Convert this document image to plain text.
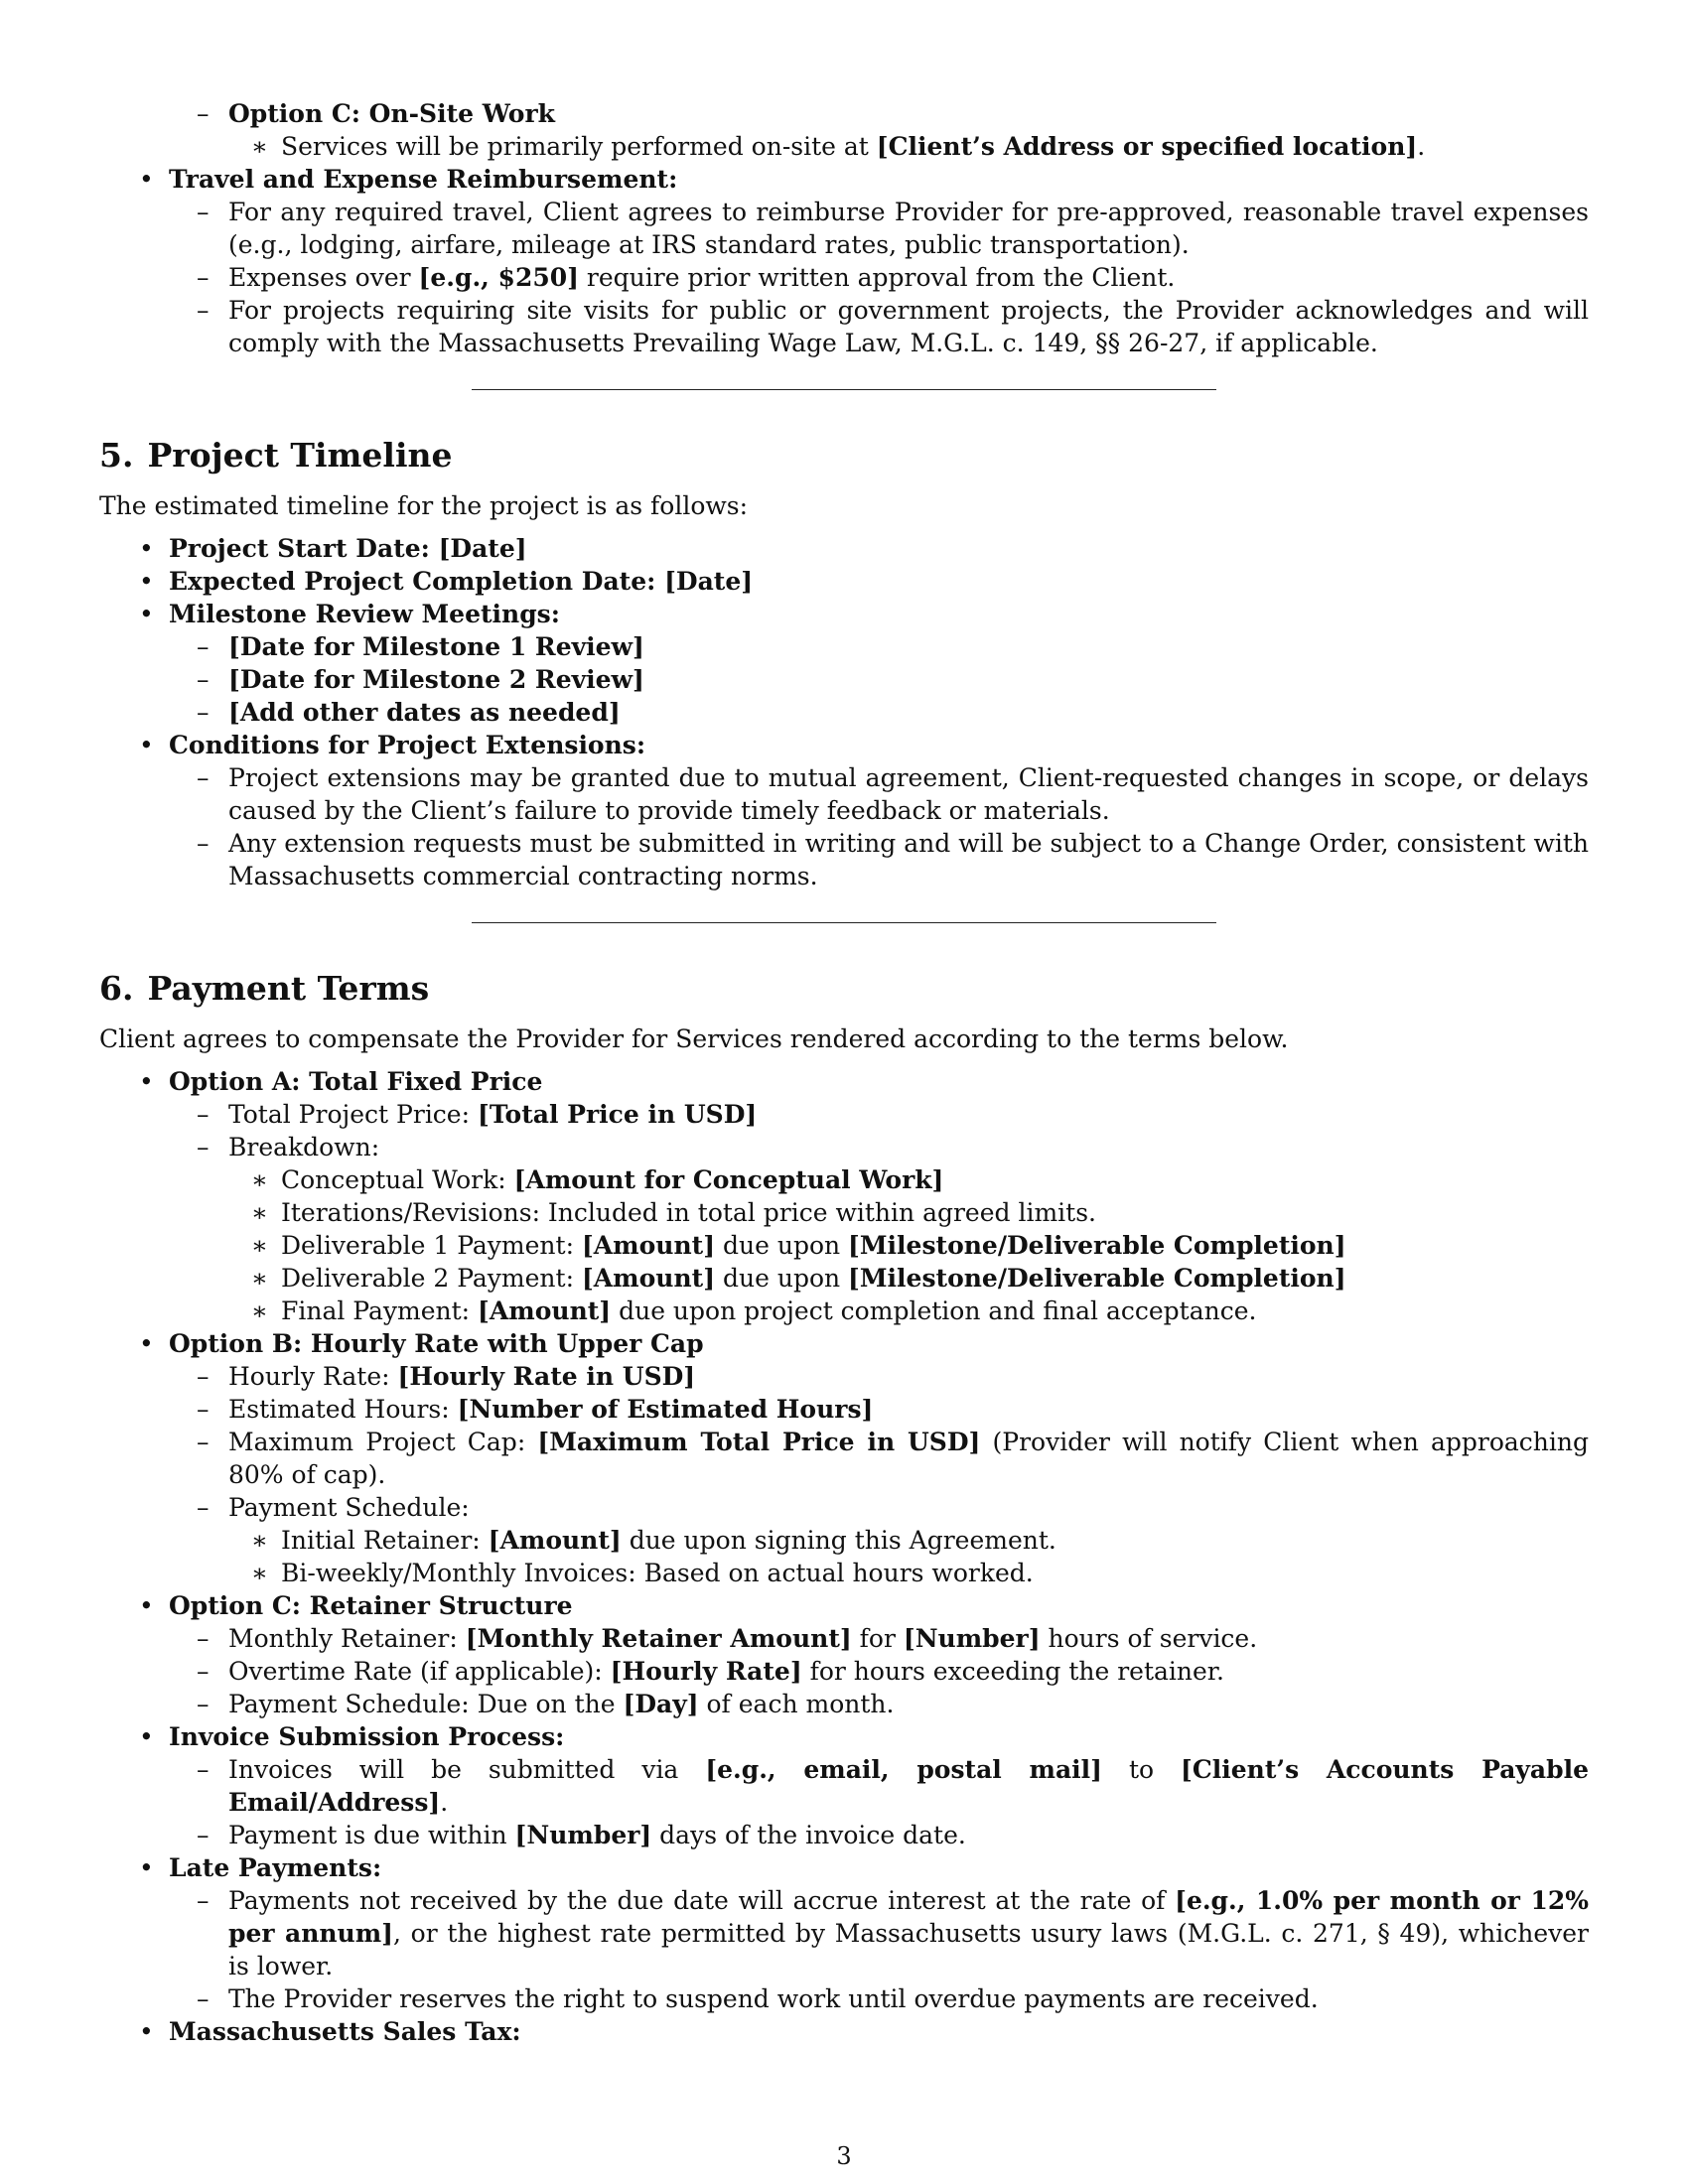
– Option C: On-Site Work
∗ Services will be primarily performed on-site at [Client’s Address or specified location].
• Travel and Expense Reimbursement:
– For any required travel, Client agrees to reimburse Provider for pre-approved, reasonable travel expenses (e.g., lodging, airfare, mileage at IRS standard rates, public transportation).
– Expenses over [e.g., $250] require prior written approval from the Client.
– For projects requiring site visits for public or government projects, the Provider acknowledges and will comply with the Massachusetts Prevailing Wage Law, M.G.L. c. 149, §§ 26-27, if applicable.
5. Project Timeline

The estimated timeline for the project is as follows:

• Project Start Date: [Date]
• Expected Project Completion Date: [Date]
• Milestone Review Meetings:
– [Date for Milestone 1 Review]
– [Date for Milestone 2 Review]
– [Add other dates as needed]
• Conditions for Project Extensions:
– Project extensions may be granted due to mutual agreement, Client-requested changes in scope, or delays caused by the Client’s failure to provide timely feedback or materials.
– Any extension requests must be submitted in writing and will be subject to a Change Order, consistent with Massachusetts commercial contracting norms.
6. Payment Terms

Client agrees to compensate the Provider for Services rendered according to the terms below.

• Option A: Total Fixed Price
– Total Project Price: [Total Price in USD]
– Breakdown:
∗ Conceptual Work: [Amount for Conceptual Work]
∗ Iterations/Revisions: Included in total price within agreed limits.
∗ Deliverable 1 Payment: [Amount] due upon [Milestone/Deliverable Completion]
∗ Deliverable 2 Payment: [Amount] due upon [Milestone/Deliverable Completion]
∗ Final Payment: [Amount] due upon project completion and final acceptance.
• Option B: Hourly Rate with Upper Cap
– Hourly Rate: [Hourly Rate in USD]
– Estimated Hours: [Number of Estimated Hours]
– Maximum Project Cap: [Maximum Total Price in USD] (Provider will notify Client when approaching 80% of cap).
– Payment Schedule:
∗ Initial Retainer: [Amount] due upon signing this Agreement.
∗ Bi-weekly/Monthly Invoices: Based on actual hours worked.
• Option C: Retainer Structure
– Monthly Retainer: [Monthly Retainer Amount] for [Number] hours of service.
– Overtime Rate (if applicable): [Hourly Rate] for hours exceeding the retainer.
– Payment Schedule: Due on the [Day] of each month.
• Invoice Submission Process:
– Invoices will be submitted via [e.g., email, postal mail] to [Client’s Accounts Payable Email/Address].
– Payment is due within [Number] days of the invoice date.
• Late Payments:
– Payments not received by the due date will accrue interest at the rate of [e.g., 1.0% per month or 12% per annum], or the highest rate permitted by Massachusetts usury laws (M.G.L. c. 271, § 49), whichever is lower.
– The Provider reserves the right to suspend work until overdue payments are received.
• Massachusetts Sales Tax:
3
